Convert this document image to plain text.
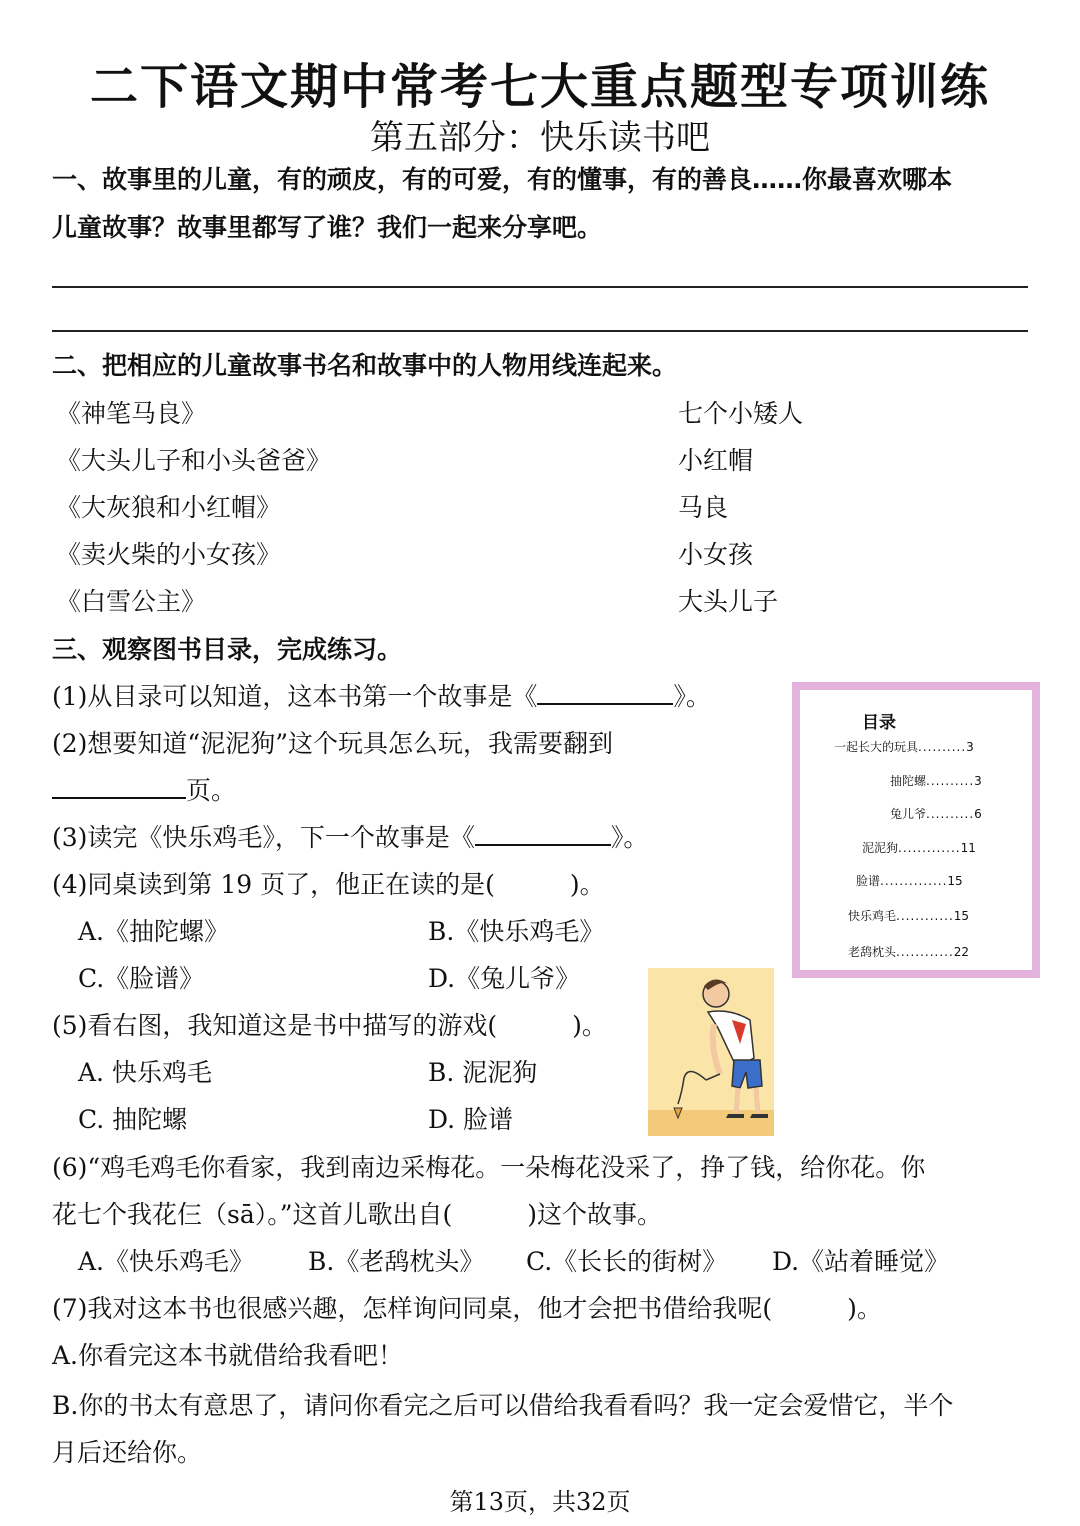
二下语文期中常考七大重点题型专项训练
第五部分：快乐读书吧
一、故事里的儿童，有的顽皮，有的可爱，有的懂事，有的善良……你最喜欢哪本
儿童故事？故事里都写了谁？我们一起来分享吧。
二、把相应的儿童故事书名和故事中的人物用线连起来。
《神笔马良》
《大头儿子和小头爸爸》
《大灰狼和小红帽》
《卖火柴的小女孩》
《白雪公主》
七个小矮人
小红帽
马良
小女孩
大头儿子
三、观察图书目录，完成练习。
(1)从目录可以知道，这本书第一个故事是《	》。
(2)想要知道“泥泥狗”这个玩具怎么玩，我需要翻到
页。
(3)读完《快乐鸡毛》，下一个故事是《	》。
(4)同桌读到第 19 页了，他正在读的是(　　　)。
A.《抽陀螺》	B.《快乐鸡毛》
C.《脸谱》	D.《兔儿爷》
(5)看右图，我知道这是书中描写的游戏(　　　)。
A. 快乐鸡毛	B. 泥泥狗
C. 抽陀螺	D. 脸谱
(6)“鸡毛鸡毛你看家，我到南边采梅花。一朵梅花没采了，挣了钱，给你花。你
花七个我花仨（sā）。”这首儿歌出自(　　　)这个故事。
A.《快乐鸡毛》 B.《老鸹枕头》 C.《长长的街树》 D.《站着睡觉》
(7)我对这本书也很感兴趣，怎样询问同桌，他才会把书借给我呢(　　　)。
A.你看完这本书就借给我看吧！
B.你的书太有意思了，请问你看完之后可以借给我看看吗？我一定会爱惜它，半个
月后还给你。
目录
一起长大的玩具..........3
抽陀螺..........3
兔儿爷..........6
泥泥狗.............11
脸谱..............15
快乐鸡毛............15
老鸹枕头............22
第13页，共32页
